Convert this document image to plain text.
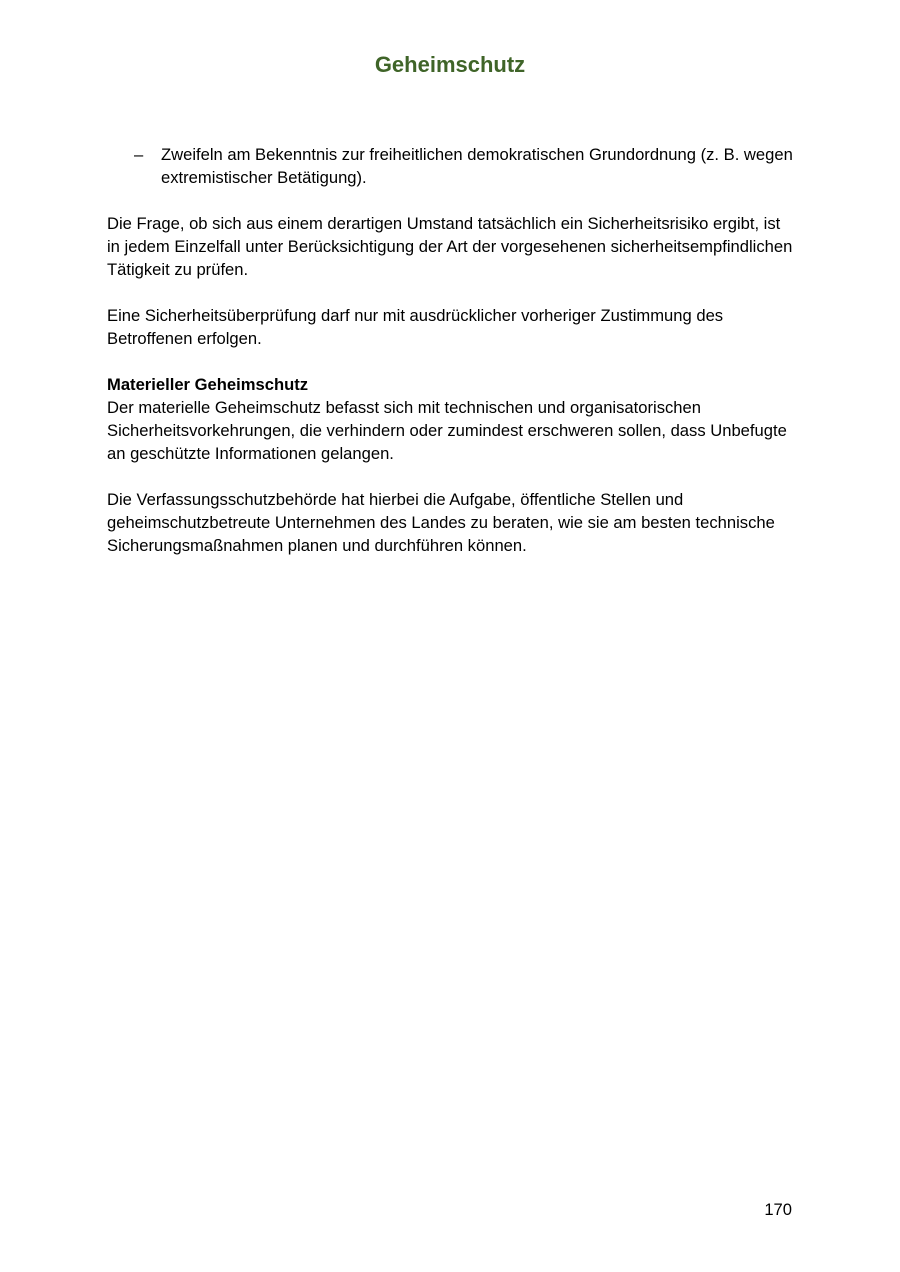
Geheimschutz
– Zweifeln am Bekenntnis zur freiheitlichen demokratischen Grundordnung (z. B. wegen extremistischer Betätigung).

Die Frage, ob sich aus einem derartigen Umstand tatsächlich ein Sicherheitsrisiko ergibt, ist in jedem Einzelfall unter Berücksichtigung der Art der vorgesehenen sicherheitsempfindlichen Tätigkeit zu prüfen.

Eine Sicherheitsüberprüfung darf nur mit ausdrücklicher vorheriger Zustimmung des Betroffenen erfolgen.

Materieller Geheimschutz
Der materielle Geheimschutz befasst sich mit technischen und organisatorischen Sicherheitsvorkehrungen, die verhindern oder zumindest erschweren sollen, dass Unbefugte an geschützte Informationen gelangen.

Die Verfassungsschutzbehörde hat hierbei die Aufgabe, öffentliche Stellen und geheimschutzbetreute Unternehmen des Landes zu beraten, wie sie am besten technische Sicherungsmaßnahmen planen und durchführen können.

170
